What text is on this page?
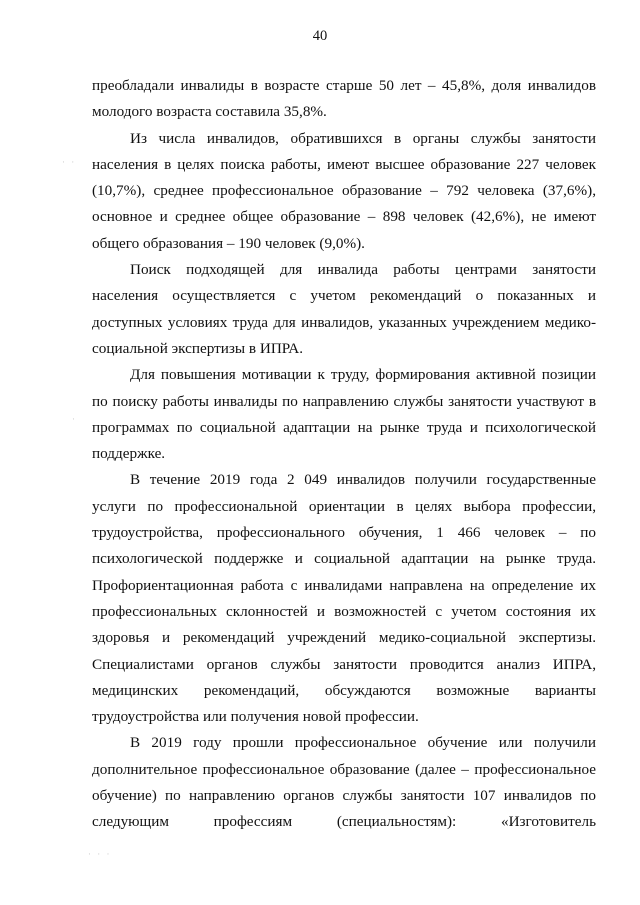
40

преобладали инвалиды в возрасте старше 50 лет – 45,8%, доля инвалидов молодого возраста составила 35,8%.

Из числа инвалидов, обратившихся в органы службы занятости населения в целях поиска работы, имеют высшее образование 227 человек (10,7%), среднее профессиональное образование – 792 человека (37,6%), основное и среднее общее образование – 898 человек (42,6%), не имеют общего образования – 190 человек (9,0%).

Поиск подходящей для инвалида работы центрами занятости населения осуществляется с учетом рекомендаций о показанных и доступных условиях труда для инвалидов, указанных учреждением медико-социальной экспертизы в ИПРА.

Для повышения мотивации к труду, формирования активной позиции по поиску работы инвалиды по направлению службы занятости участвуют в программах по социальной адаптации на рынке труда и психологической поддержке.

В течение 2019 года 2 049 инвалидов получили государственные услуги по профессиональной ориентации в целях выбора профессии, трудоустройства, профессионального обучения, 1 466 человек – по психологической поддержке и социальной адаптации на рынке труда. Профориентационная работа с инвалидами направлена на определение их профессиональных склонностей и возможностей с учетом состояния их здоровья и рекомендаций учреждений медико-социальной экспертизы. Специалистами органов службы занятости проводится анализ ИПРА, медицинских рекомендаций, обсуждаются возможные варианты трудоустройства или получения новой профессии.

В 2019 году прошли профессиональное обучение или получили дополнительное профессиональное образование (далее – профессиональное обучение) по направлению органов службы занятости 107 инвалидов по следующим профессиям (специальностям): «Изготовитель

· ·
·
· · ·
